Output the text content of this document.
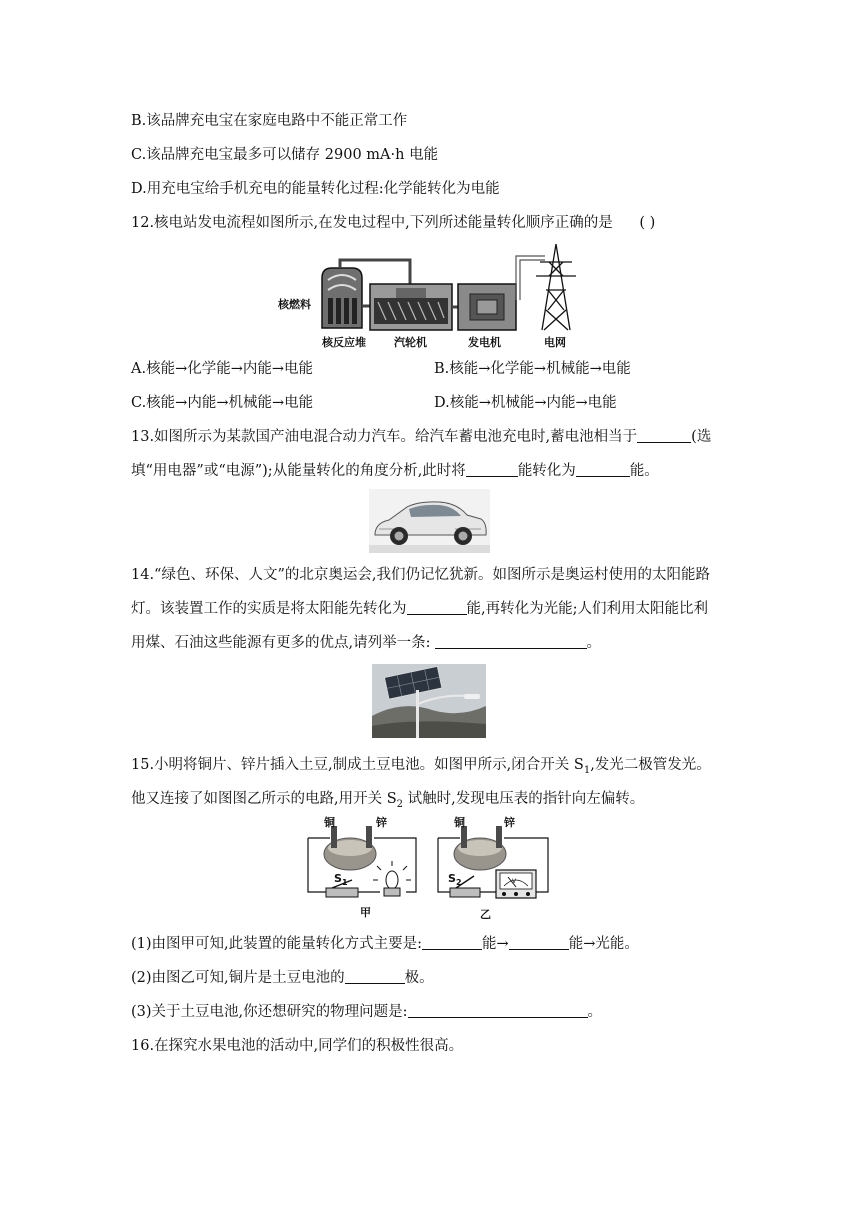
B.该品牌充电宝在家庭电路中不能正常工作
C.该品牌充电宝最多可以储存 2900 mA·h 电能
D.用充电宝给手机充电的能量转化过程:化学能转化为电能
12.核电站发电流程如图所示,在发电过程中,下列所述能量转化顺序正确的是 ( )
核燃料
核反应堆	汽轮机	发电机	电网
A.核能→化学能→内能→电能	B.核能→化学能→机械能→电能
C.核能→内能→机械能→电能	D.核能→机械能→内能→电能
13.如图所示为某款国产油电混合动力汽车。给汽车蓄电池充电时,蓄电池相当于	(选
填“用电器”或“电源”);从能量转化的角度分析,此时将	能转化为	能。
14.“绿色、环保、人文”的北京奥运会,我们仍记忆犹新。如图所示是奥运村使用的太阳能路
灯。该装置工作的实质是将太阳能先转化为	能,再转化为光能;人们利用太阳能比利
用煤、石油这些能源有更多的优点,请列举一条:	。
15.小明将铜片、锌片插入土豆,制成土豆电池。如图甲所示,闭合开关 $S_1$,发光二极管发光。
他又连接了如图图乙所示的电路,用开关 $S_2$ 试触时,发现电压表的指针向左偏转。
V
铜	锌	铜	锌
$S_1$	$S_2$
甲	乙
(1)由图甲可知,此装置的能量转化方式主要是:	能→	能→光能。
(2)由图乙可知,铜片是土豆电池的	极。
(3)关于土豆电池,你还想研究的物理问题是:	。
16.在探究水果电池的活动中,同学们的积极性很高。
